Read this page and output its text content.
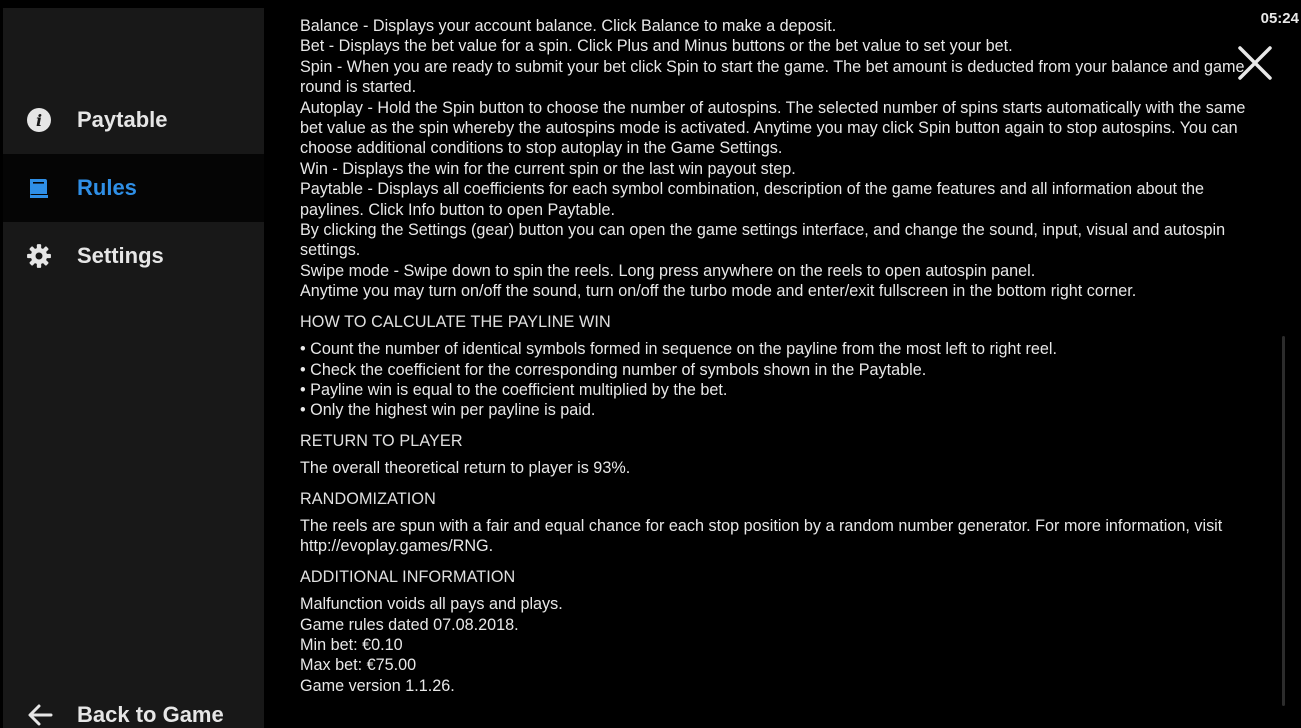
05:24
i	Paytable
Rules
Settings
Back to Game
Balance - Displays your account balance. Click Balance to make a deposit.
Bet - Displays the bet value for a spin. Click Plus and Minus buttons or the bet value to set your bet.
Spin - When you are ready to submit your bet click Spin to start the game. The bet amount is deducted from your balance and game round is started.
Autoplay - Hold the Spin button to choose the number of autospins. The selected number of spins starts automatically with the same bet value as the spin whereby the autospins mode is activated. Anytime you may click Spin button again to stop autospins. You can choose additional conditions to stop autoplay in the Game Settings.
Win - Displays the win for the current spin or the last win payout step.
Paytable - Displays all coefficients for each symbol combination, description of the game features and all information about the paylines. Click Info button to open Paytable.
By clicking the Settings (gear) button you can open the game settings interface, and change the sound, input, visual and autospin settings.
Swipe mode - Swipe down to spin the reels. Long press anywhere on the reels to open autospin panel.
Anytime you may turn on/off the sound, turn on/off the turbo mode and enter/exit fullscreen in the bottom right corner.
HOW TO CALCULATE THE PAYLINE WIN
• Count the number of identical symbols formed in sequence on the payline from the most left to right reel.
• Check the coefficient for the corresponding number of symbols shown in the Paytable.
• Payline win is equal to the coefficient multiplied by the bet.
• Only the highest win per payline is paid.
RETURN TO PLAYER
The overall theoretical return to player is 93%.
RANDOMIZATION
The reels are spun with a fair and equal chance for each stop position by a random number generator. For more information, visit http://evoplay.games/RNG.
ADDITIONAL INFORMATION
Malfunction voids all pays and plays.
Game rules dated 07.08.2018.
Min bet: €0.10
Max bet: €75.00
Game version 1.1.26.
